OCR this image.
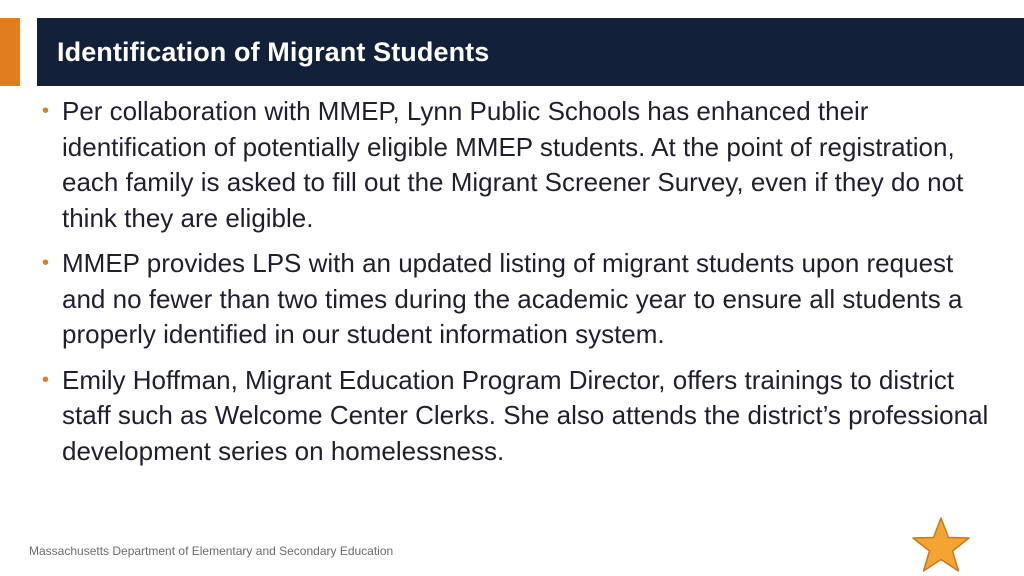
Identification of Migrant Students
• Per collaboration with MMEP, Lynn Public Schools has enhanced their identification of potentially eligible MMEP students. At the point of registration, each family is asked to fill out the Migrant Screener Survey, even if they do not think they are eligible.
• MMEP provides LPS with an updated listing of migrant students upon request and no fewer than two times during the academic year to ensure all students a properly identified in our student information system.
• Emily Hoffman, Migrant Education Program Director, offers trainings to district staff such as Welcome Center Clerks. She also attends the district’s professional development series on homelessness.
Massachusetts Department of Elementary and Secondary Education
